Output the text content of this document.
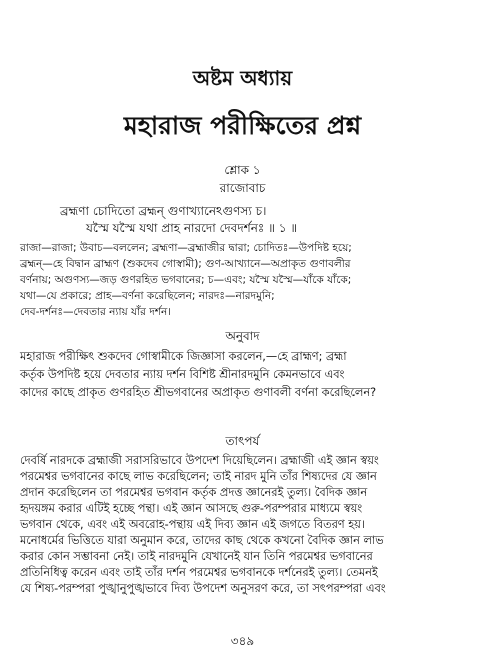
অষ্টম অধ্যায়
মহারাজ পরীক্ষিতের প্রশ্ন
শ্লোক ১
রাজোবাচ
ব্রহ্মণা চোদিতো ব্রহ্মন্ গুণাখ্যানেঽগুণস্য চ।
যস্মৈ যস্মৈ যথা প্রাহ নারদো দেবদর্শনঃ ॥ ১ ॥
রাজা—রাজা; উবাচ—বললেন; ব্রহ্মণা—ব্রহ্মাজীর দ্বারা; চোদিতঃ—উপদিষ্ট হয়ে;
ব্রহ্মন্—হে বিদ্বান ব্রাহ্মণ (শুকদেব গোস্বামী); গুণ-আখ্যানে—অপ্রাকৃত গুণাবলীর
বর্ণনায়; অগুণস্য—জড় গুণরহিত ভগবানের; চ—এবং; যস্মৈ যস্মৈ—যাঁকে যাঁকে;
যথা—যে প্রকারে; প্রাহ—বর্ণনা করেছিলেন; নারদঃ—নারদমুনি;
দেব-দর্শনঃ—দেবতার ন্যায় যাঁর দর্শন।
অনুবাদ
মহারাজ পরীক্ষিৎ শুকদেব গোস্বামীকে জিজ্ঞাসা করলেন,—হে ব্রাহ্মণ; ব্রহ্মা
কর্তৃক উপদিষ্ট হয়ে দেবতার ন্যায় দর্শন বিশিষ্ট শ্রীনারদমুনি কেমনভাবে এবং
কাদের কাছে প্রাকৃত গুণরহিত শ্রীভগবানের অপ্রাকৃত গুণাবলী বর্ণনা করেছিলেন?
তাৎপর্য
দেবর্ষি নারদকে ব্রহ্মাজী সরাসরিভাবে উপদেশ দিয়েছিলেন। ব্রহ্মাজী এই জ্ঞান স্বয়ং
পরমেশ্বর ভগবানের কাছে লাভ করেছিলেন; তাই নারদ মুনি তাঁর শিষ্যদের যে জ্ঞান
প্রদান করেছিলেন তা পরমেশ্বর ভগবান কর্তৃক প্রদত্ত জ্ঞানেরই তুল্য। বৈদিক জ্ঞান
হৃদয়ঙ্গম করার এটিই হচ্ছে পন্থা। এই জ্ঞান আসছে গুরু-পরম্পরার মাধ্যমে স্বয়ং
ভগবান থেকে, এবং এই অবরোহ-পন্থায় এই দিব্য জ্ঞান এই জগতে বিতরণ হয়।
মনোধর্মের ভিত্তিতে যারা অনুমান করে, তাদের কাছ থেকে কখনো বৈদিক জ্ঞান লাভ
করার কোন সম্ভাবনা নেই। তাই নারদমুনি যেখানেই যান তিনি পরমেশ্বর ভগবানের
প্রতিনিধিত্ব করেন এবং তাই তাঁর দর্শন পরমেশ্বর ভগবানকে দর্শনেরই তুল্য। তেমনই
যে শিষ্য-পরম্পরা পুঙ্খানুপুঙ্খভাবে দিব্য উপদেশ অনুসরণ করে, তা সৎপরম্পরা এবং
৩৪৯
